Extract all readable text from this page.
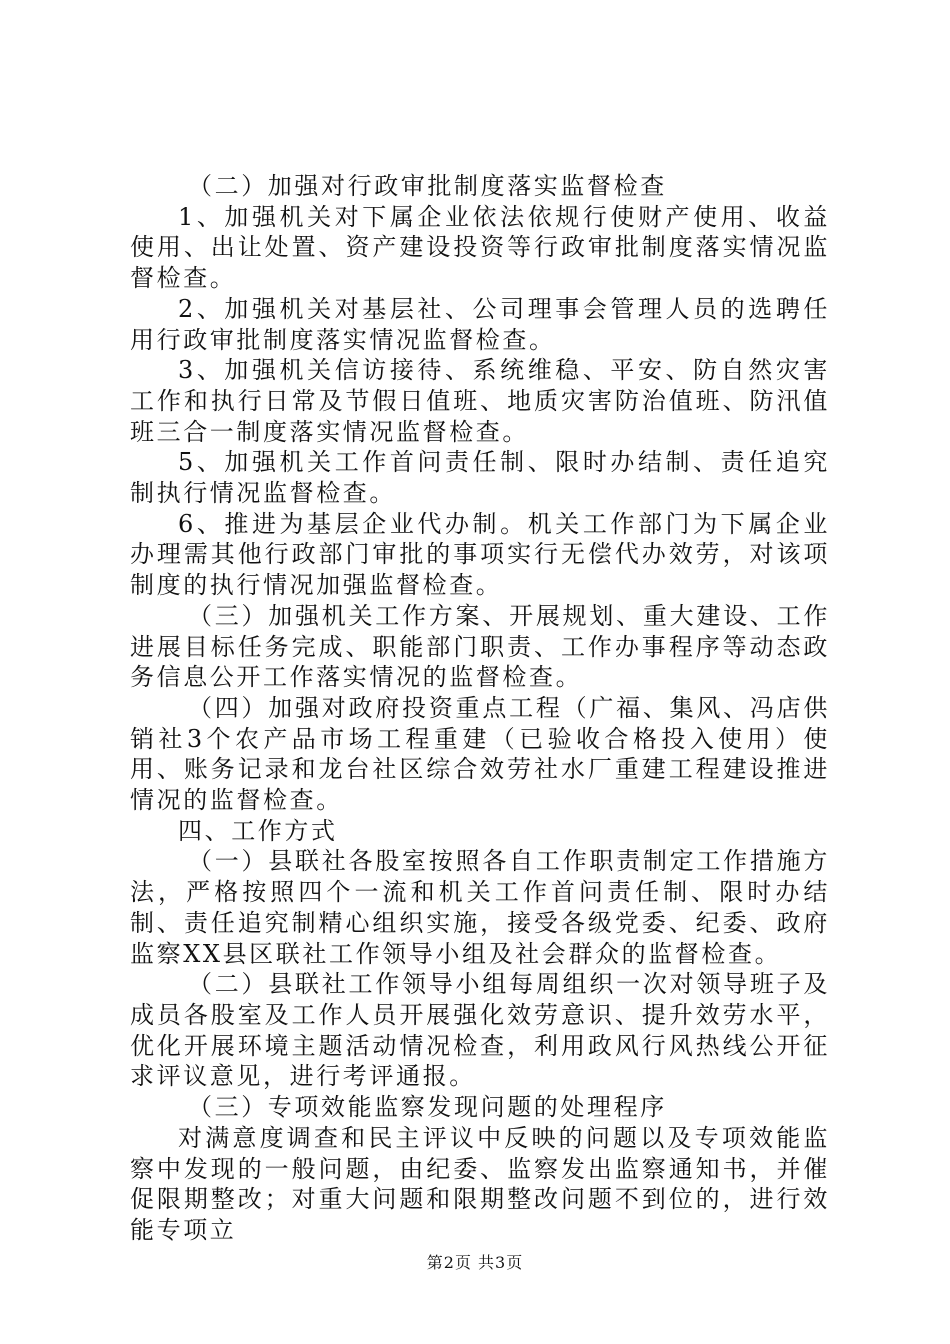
（二）加强对行政审批制度落实监督检查

1、加强机关对下属企业依法依规行使财产使用、收益使用、出让处置、资产建设投资等行政审批制度落实情况监督检查。

2、加强机关对基层社、公司理事会管理人员的选聘任用行政审批制度落实情况监督检查。

3、加强机关信访接待、系统维稳、平安、防自然灾害工作和执行日常及节假日值班、地质灾害防治值班、防汛值班三合一制度落实情况监督检查。

5、加强机关工作首问责任制、限时办结制、责任追究制执行情况监督检查。

6、推进为基层企业代办制。机关工作部门为下属企业办理需其他行政部门审批的事项实行无偿代办效劳，对该项制度的执行情况加强监督检查。

（三）加强机关工作方案、开展规划、重大建设、工作进展目标任务完成、职能部门职责、工作办事程序等动态政务信息公开工作落实情况的监督检查。

（四）加强对政府投资重点工程（广福、集风、冯店供销社3个农产品市场工程重建（已验收合格投入使用）使用、账务记录和龙台社区综合效劳社水厂重建工程建设推进情况的监督检查。

四、工作方式

（一）县联社各股室按照各自工作职责制定工作措施方法，严格按照四个一流和机关工作首问责任制、限时办结制、责任追究制精心组织实施，接受各级党委、纪委、政府监察XX县区联社工作领导小组及社会群众的监督检查。

（二）县联社工作领导小组每周组织一次对领导班子及成员各股室及工作人员开展强化效劳意识、提升效劳水平，优化开展环境主题活动情况检查，利用政风行风热线公开征求评议意见，进行考评通报。

（三）专项效能监察发现问题的处理程序

对满意度调查和民主评议中反映的问题以及专项效能监察中发现的一般问题，由纪委、监察发出监察通知书，并催促限期整改；对重大问题和限期整改问题不到位的，进行效能专项立

第2页 共3页
